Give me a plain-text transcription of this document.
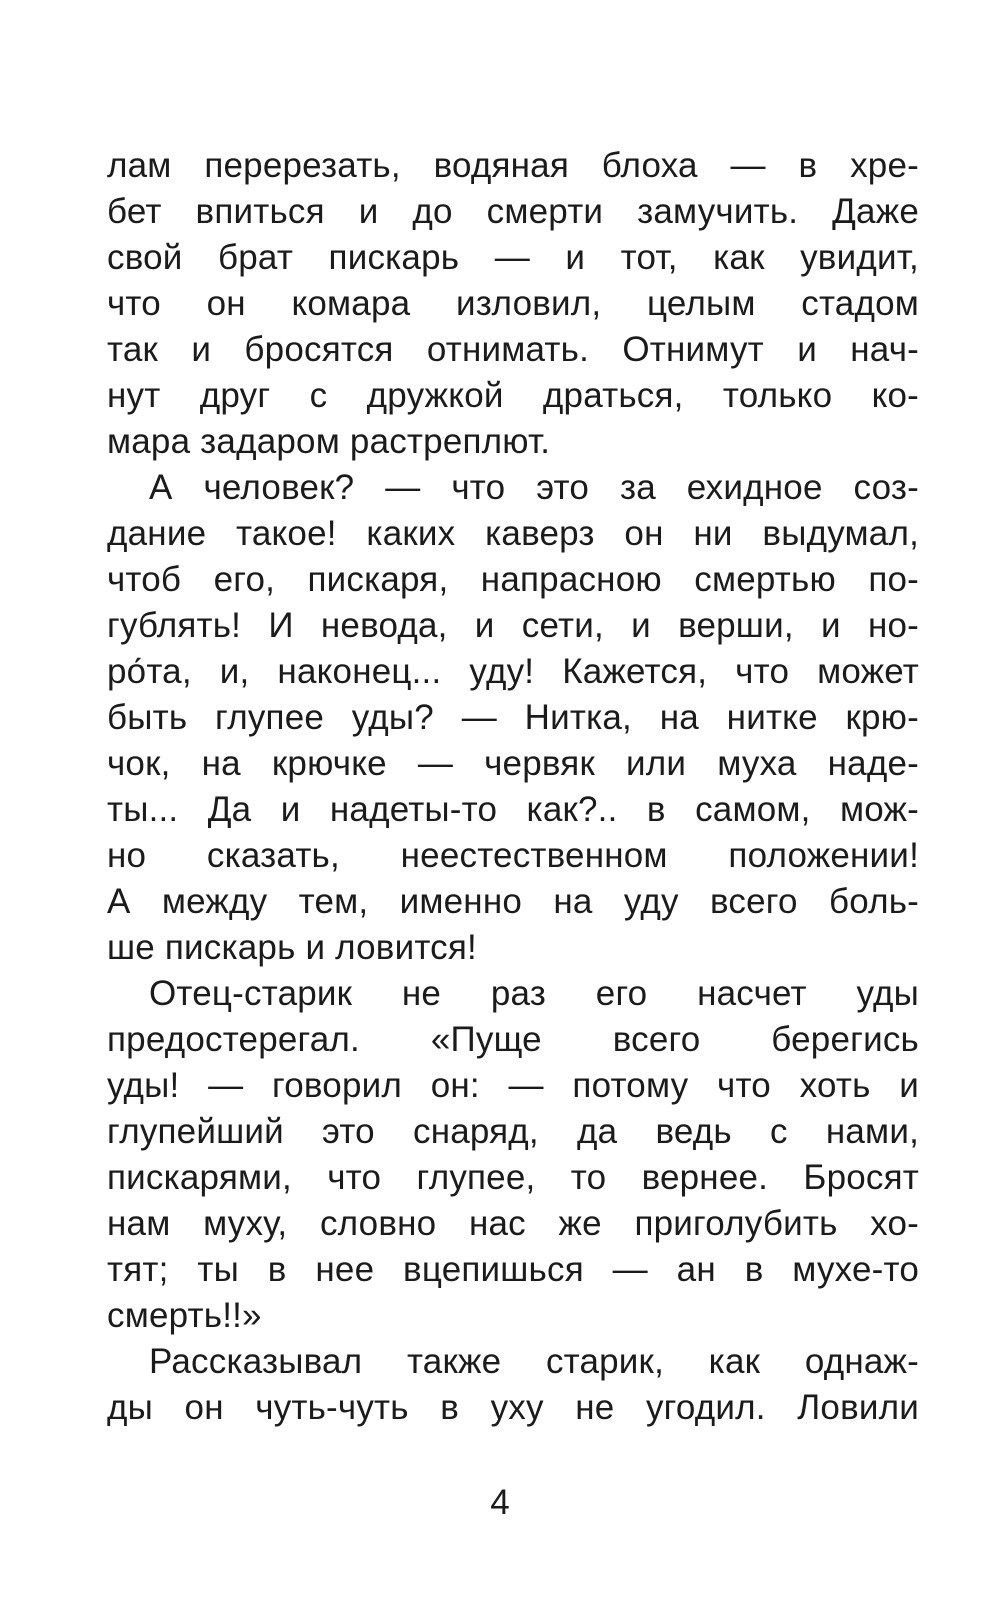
лам перерезать, водяная блоха — в хре-
бет впиться и до смерти замучить. Даже
свой брат пискарь — и тот, как увидит,
что он комара изловил, целым стадом
так и бросятся отнимать. Отнимут и нач-
нут друг с дружкой драться, только ко-
мара задаром растреплют.
А человек? — что это за ехидное соз-
дание такое! каких каверз он ни выдумал,
чтоб его, пискаря, напрасною смертью по-
гублять! И невода, и сети, и верши, и но-
ро́та, и, наконец... уду! Кажется, что может
быть глупее уды? — Нитка, на нитке крю-
чок, на крючке — червяк или муха наде-
ты... Да и надеты-то как?.. в самом, мож-
но сказать, неестественном положении!
А между тем, именно на уду всего боль-
ше пискарь и ловится!
Отец-старик не раз его насчет уды
предостерегал. «Пуще всего берегись
уды! — говорил он: — потому что хоть и
глупейший это снаряд, да ведь с нами,
пискарями, что глупее, то вернее. Бросят
нам муху, словно нас же приголубить хо-
тят; ты в нее вцепишься — ан в мухе-то
смерть!!»
Рассказывал также старик, как однаж-
ды он чуть-чуть в уху не угодил. Ловили
4
